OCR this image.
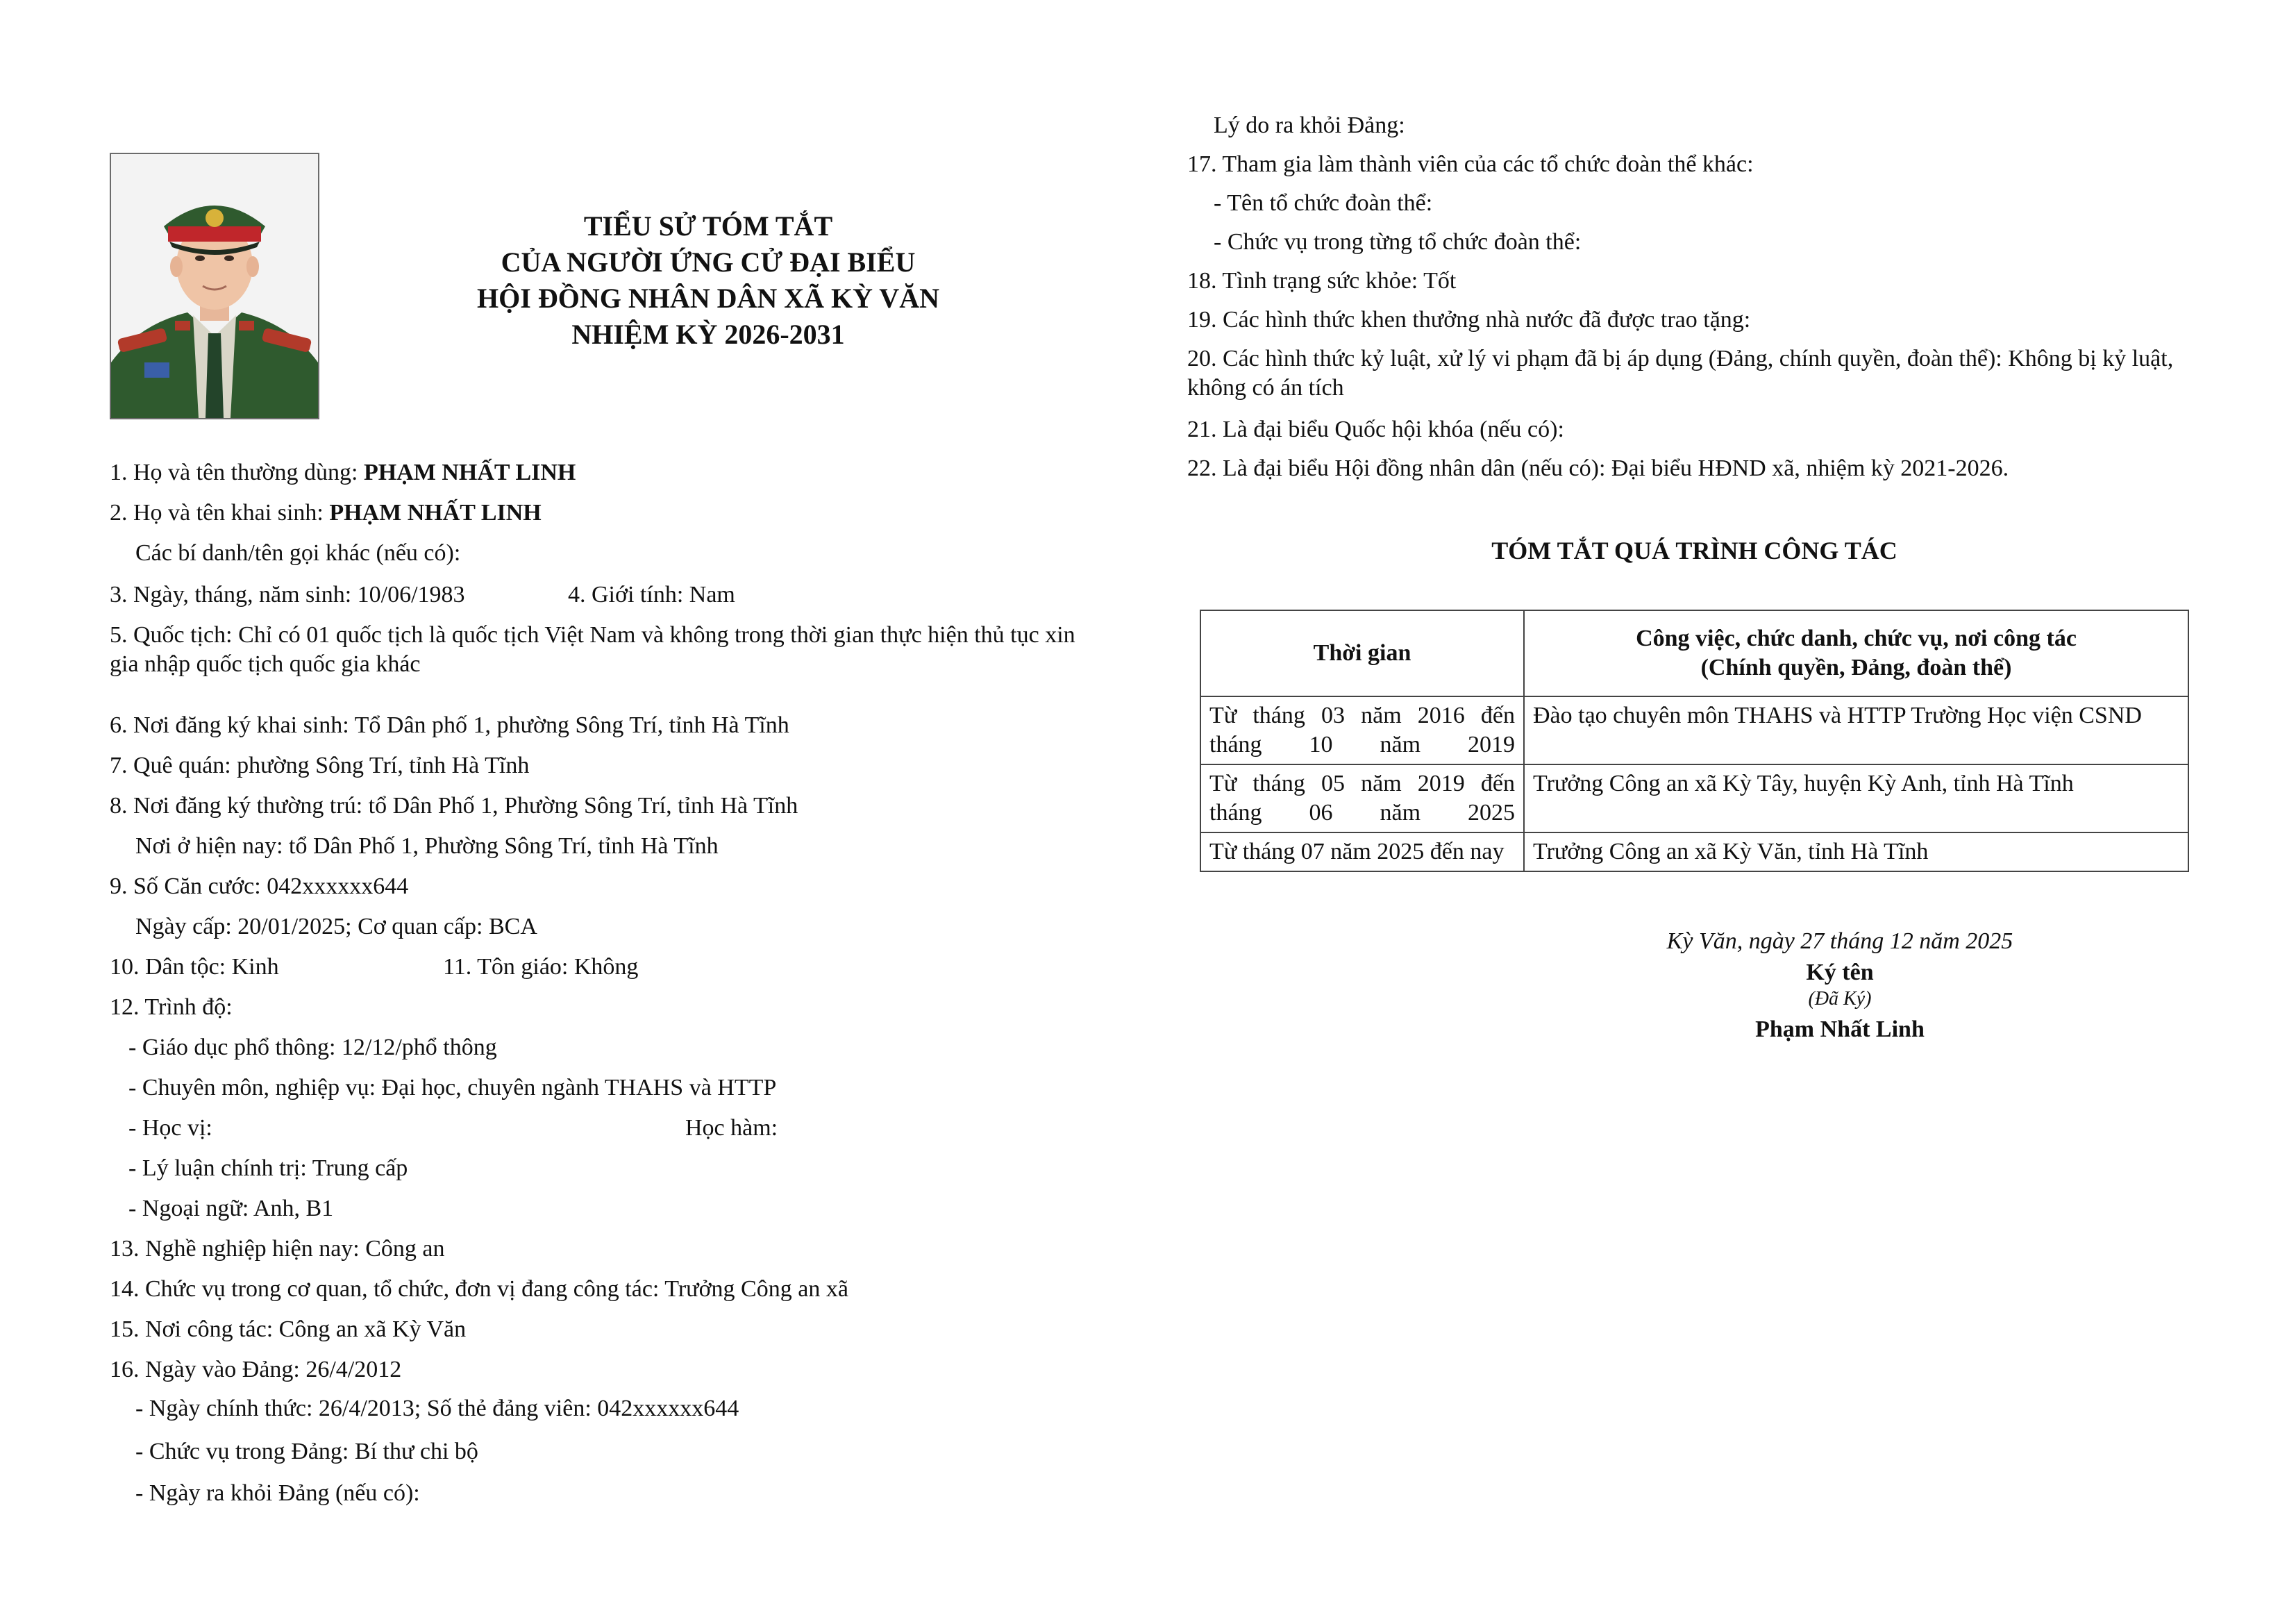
TIỂU SỬ TÓM TẮT
CỦA NGƯỜI ỨNG CỬ ĐẠI BIỂU
HỘI ĐỒNG NHÂN DÂN XÃ KỲ VĂN
NHIỆM KỲ 2026-2031
1. Họ và tên thường dùng: PHẠM NHẤT LINH
2. Họ và tên khai sinh: PHẠM NHẤT LINH
Các bí danh/tên gọi khác (nếu có):
3. Ngày, tháng, năm sinh: 10/06/1983	4. Giới tính: Nam
5. Quốc tịch: Chỉ có 01 quốc tịch là quốc tịch Việt Nam và không trong thời gian thực hiện thủ tục xin gia nhập quốc tịch quốc gia khác
6. Nơi đăng ký khai sinh: Tổ Dân phố 1, phường Sông Trí, tỉnh Hà Tĩnh
7. Quê quán: phường Sông Trí, tỉnh Hà Tĩnh
8. Nơi đăng ký thường trú: tổ Dân Phố 1, Phường Sông Trí, tỉnh Hà Tĩnh
Nơi ở hiện nay: tổ Dân Phố 1, Phường Sông Trí, tỉnh Hà Tĩnh
9. Số Căn cước: 042xxxxxx644
Ngày cấp: 20/01/2025; Cơ quan cấp: BCA
10. Dân tộc: Kinh	11. Tôn giáo: Không
12. Trình độ:
- Giáo dục phổ thông: 12/12/phổ thông
- Chuyên môn, nghiệp vụ: Đại học, chuyên ngành THAHS và HTTP
- Học vị:	Học hàm:
- Lý luận chính trị: Trung cấp
- Ngoại ngữ: Anh, B1
13. Nghề nghiệp hiện nay: Công an
14. Chức vụ trong cơ quan, tổ chức, đơn vị đang công tác: Trưởng Công an xã
15. Nơi công tác: Công an xã Kỳ Văn
16. Ngày vào Đảng: 26/4/2012
- Ngày chính thức: 26/4/2013; Số thẻ đảng viên: 042xxxxxx644
- Chức vụ trong Đảng: Bí thư chi bộ
- Ngày ra khỏi Đảng (nếu có):
Lý do ra khỏi Đảng:
17. Tham gia làm thành viên của các tổ chức đoàn thể khác:
- Tên tổ chức đoàn thể:
- Chức vụ trong từng tổ chức đoàn thể:
18. Tình trạng sức khỏe: Tốt
19. Các hình thức khen thưởng nhà nước đã được trao tặng:
20. Các hình thức kỷ luật, xử lý vi phạm đã bị áp dụng (Đảng, chính quyền, đoàn thể): Không bị kỷ luật, không có án tích
21. Là đại biểu Quốc hội khóa (nếu có):
22. Là đại biểu Hội đồng nhân dân (nếu có): Đại biểu HĐND xã, nhiệm kỳ 2021-2026.
TÓM TẮT QUÁ TRÌNH CÔNG TÁC
Thời gian	Công việc, chức danh, chức vụ, nơi công tác
(Chính quyền, Đảng, đoàn thể)

Từ tháng 03 năm 2016 đến tháng 10 năm 2019	Đào tạo chuyên môn THAHS và HTTP Trường Học viện CSND
Từ tháng 05 năm 2019 đến tháng 06 năm 2025	Trưởng Công an xã Kỳ Tây, huyện Kỳ Anh, tỉnh Hà Tĩnh
Từ tháng 07 năm 2025 đến nay	Trưởng Công an xã Kỳ Văn, tỉnh Hà Tĩnh
Kỳ Văn, ngày 27 tháng 12 năm 2025
Ký tên
(Đã Ký)
Phạm Nhất Linh
